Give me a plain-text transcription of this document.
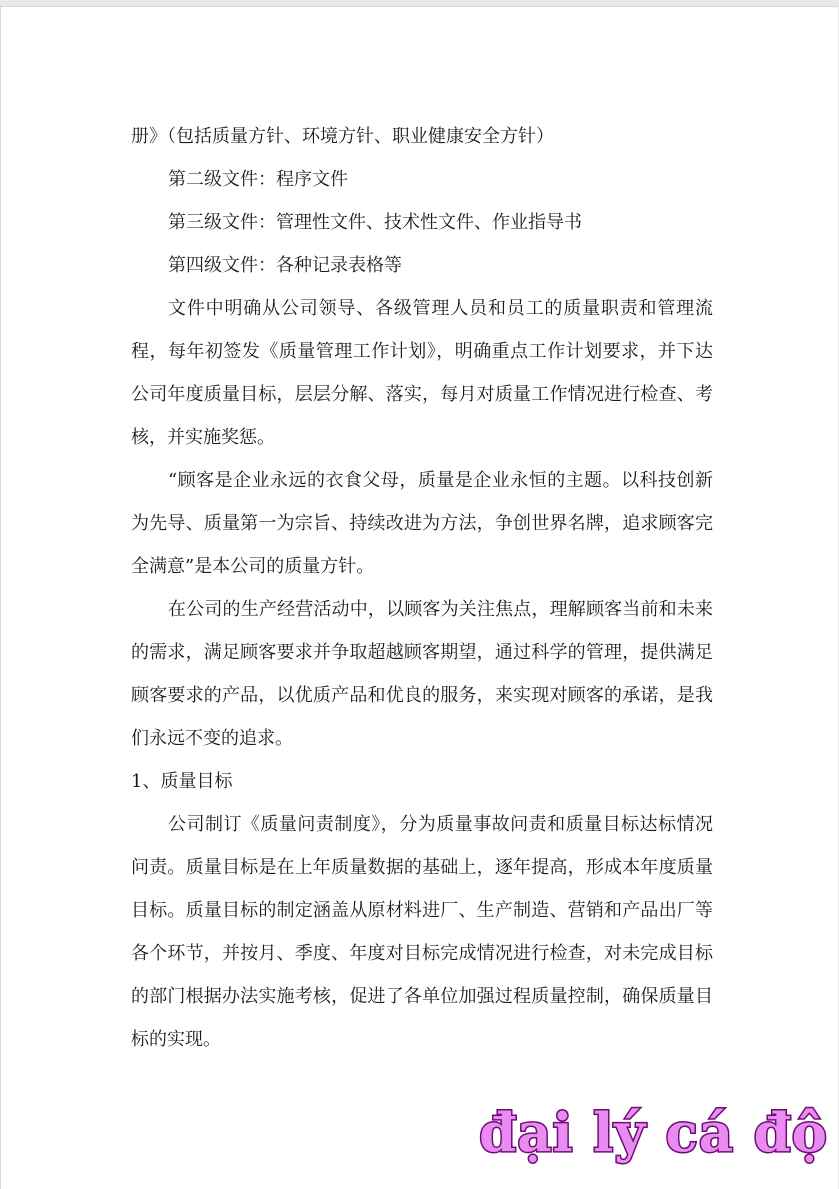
册》（包括质量方针、环境方针、职业健康安全方针）

第二级文件：程序文件

第三级文件：管理性文件、技术性文件、作业指导书

第四级文件：各种记录表格等

文件中明确从公司领导、各级管理人员和员工的质量职责和管理流程，每年初签发《质量管理工作计划》，明确重点工作计划要求，并下达公司年度质量目标，层层分解、落实，每月对质量工作情况进行检查、考核，并实施奖惩。

“顾客是企业永远的衣食父母，质量是企业永恒的主题。以科技创新为先导、质量第一为宗旨、持续改进为方法，争创世界名牌，追求顾客完全满意”是本公司的质量方针。

在公司的生产经营活动中，以顾客为关注焦点，理解顾客当前和未来的需求，满足顾客要求并争取超越顾客期望，通过科学的管理，提供满足顾客要求的产品，以优质产品和优良的服务，来实现对顾客的承诺，是我们永远不变的追求。

1、质量目标

公司制订《质量问责制度》，分为质量事故问责和质量目标达标情况问责。质量目标是在上年质量数据的基础上，逐年提高，形成本年度质量目标。质量目标的制定涵盖从原材料进厂、生产制造、营销和产品出厂等各个环节，并按月、季度、年度对目标完成情况进行检查，对未完成目标的部门根据办法实施考核，促进了各单位加强过程质量控制，确保质量目标的实现。

đại lý cá độ
